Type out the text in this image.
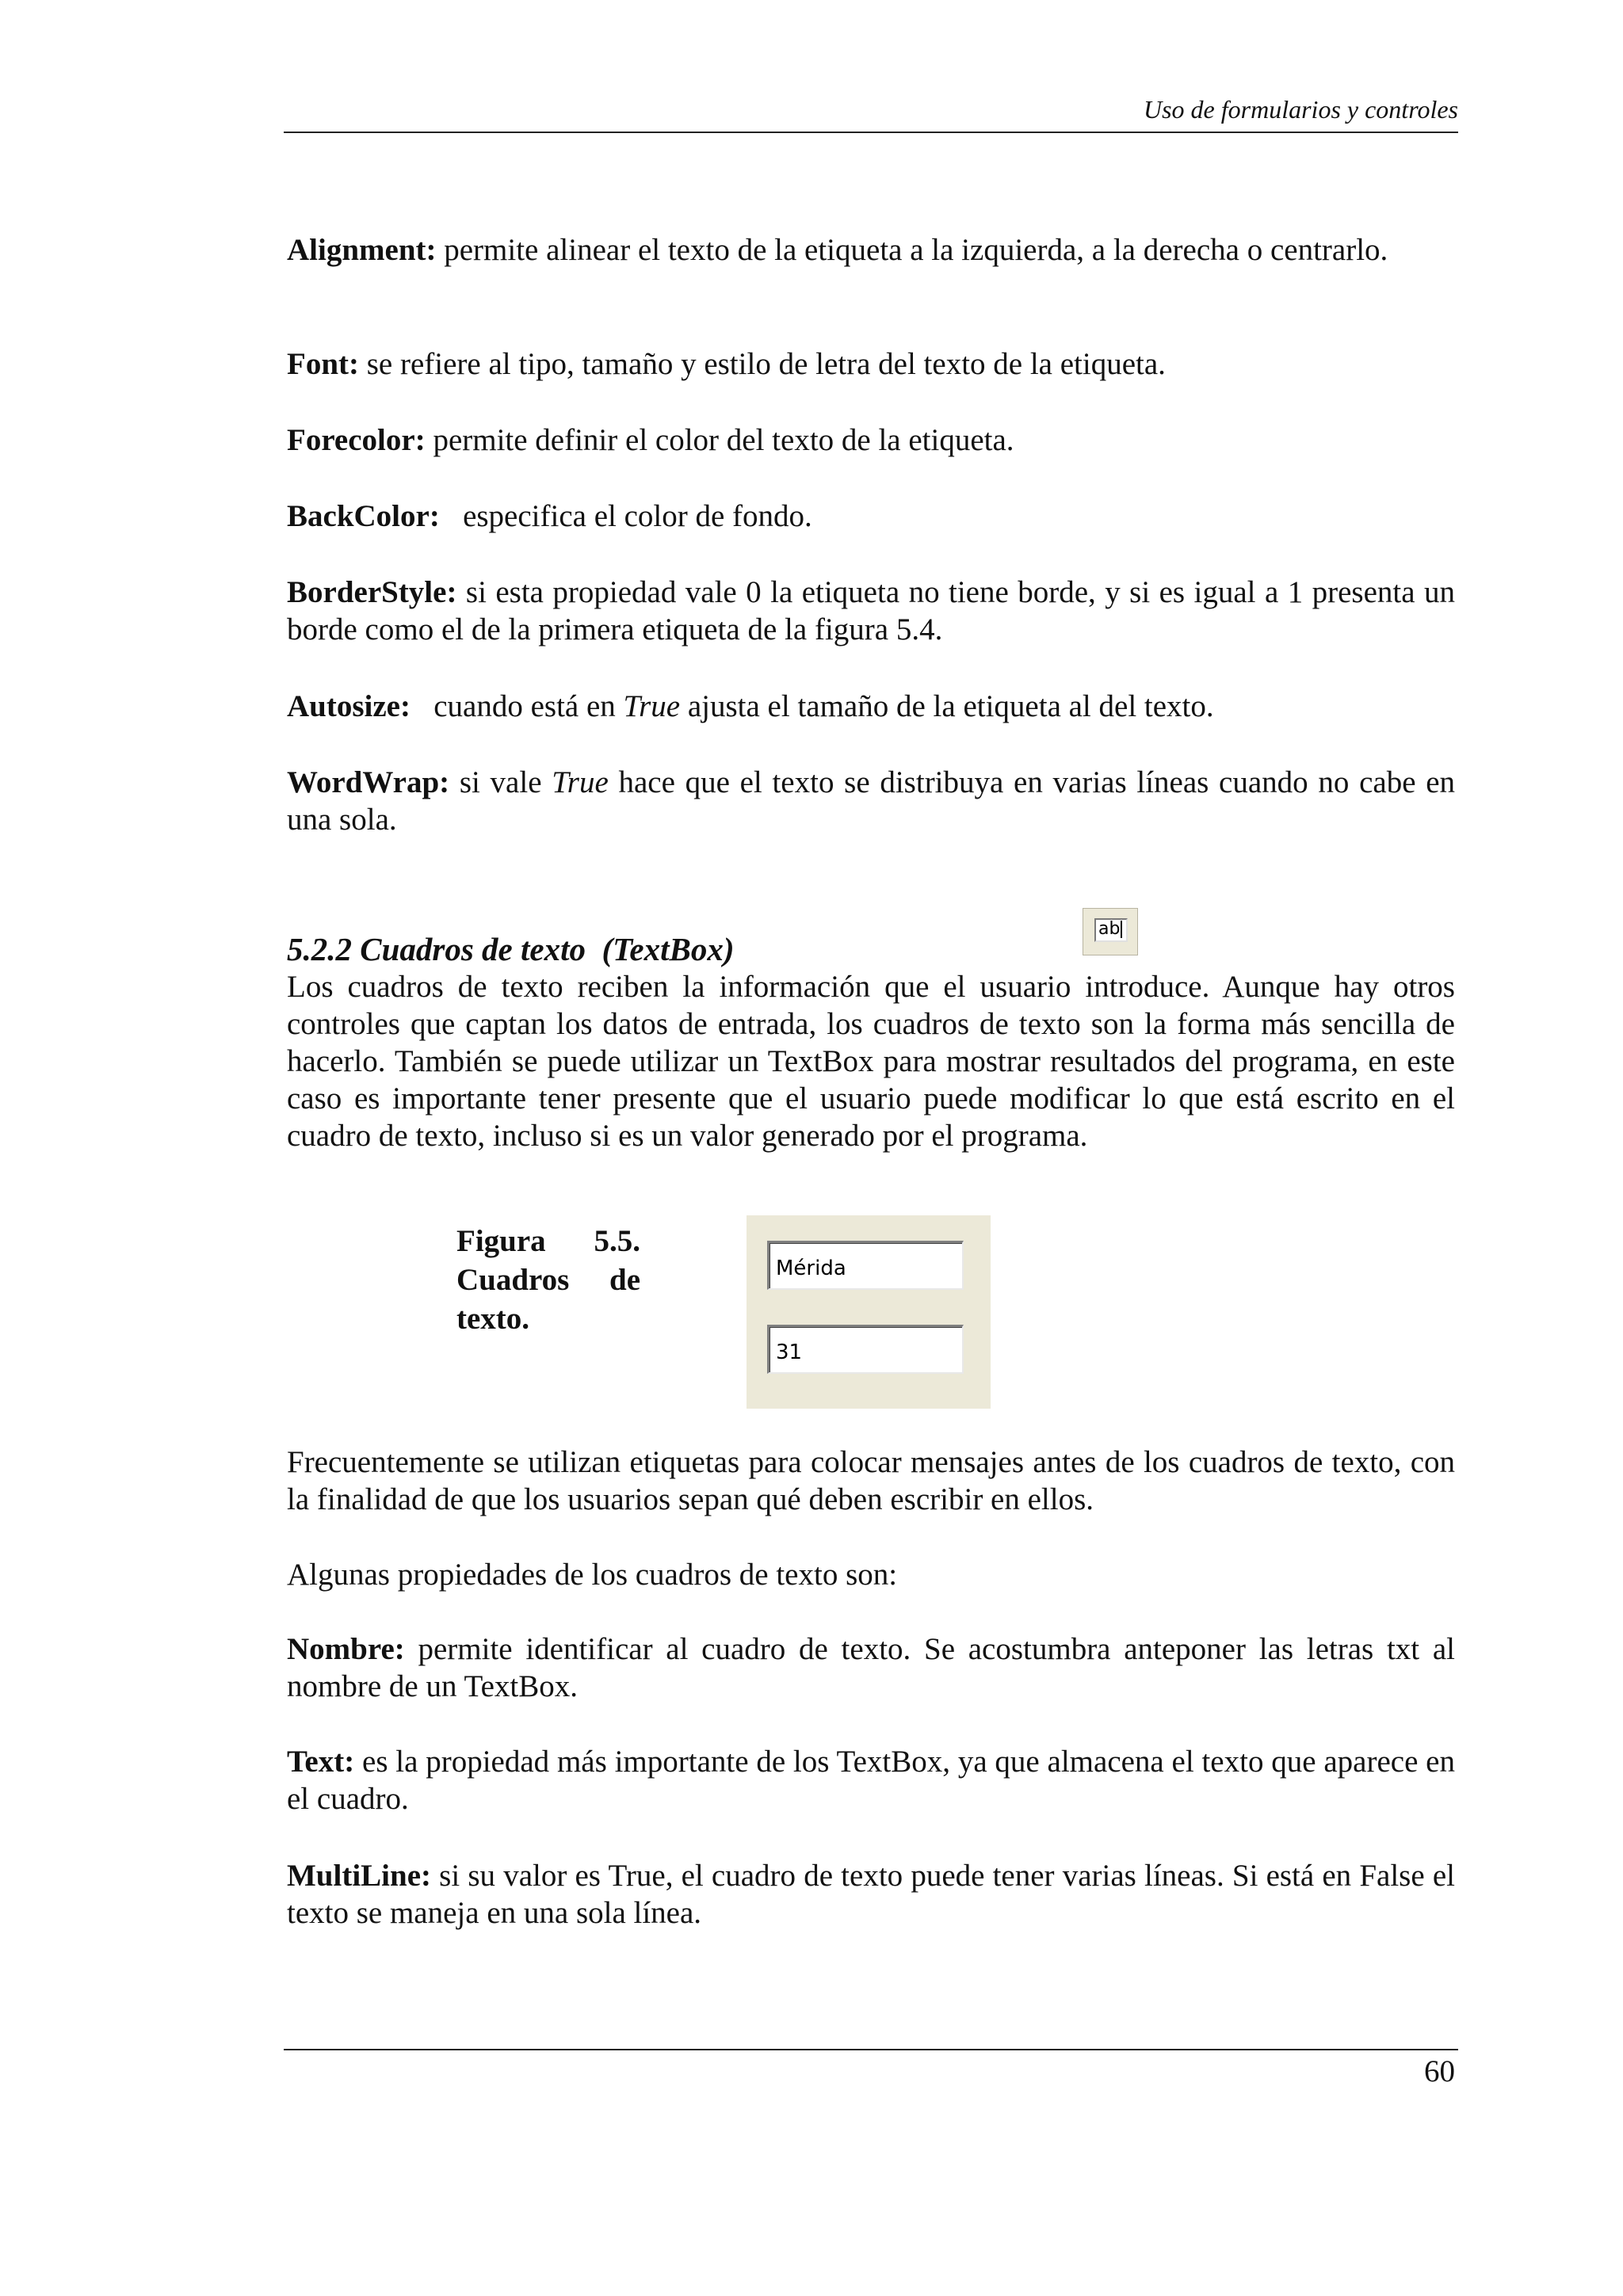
Uso de formularios y controles

Alignment: permite alinear el texto de la etiqueta a la izquierda, a la derecha o centrarlo.

Font: se refiere al tipo, tamaño y estilo de letra del texto de la etiqueta.

Forecolor: permite definir el color del texto de la etiqueta.

BackColor:   especifica el color de fondo.

BorderStyle: si esta propiedad vale 0 la etiqueta no tiene borde, y si es igual a 1 presenta un borde como el de la primera etiqueta de la figura 5.4.

Autosize:   cuando está en True ajusta el tamaño de la etiqueta al del texto.

WordWrap: si vale True hace que el texto se distribuya en varias líneas cuando no cabe en una sola.

5.2.2 Cuadros de texto  (TextBox)
ab

Los cuadros de texto reciben la información que el usuario introduce. Aunque hay otros controles que captan los datos de entrada, los cuadros de texto son la forma más sencilla de hacerlo. También se puede utilizar un TextBox para mostrar resultados del programa, en este caso es importante tener presente que el usuario puede modificar lo que está escrito en el cuadro de texto, incluso si es un valor generado por el programa.

Frecuentemente se utilizan etiquetas para colocar mensajes antes de los cuadros de texto, con la finalidad de que los usuarios sepan qué deben escribir en ellos.

Algunas propiedades de los cuadros de texto son:

Nombre: permite identificar al cuadro de texto. Se acostumbra anteponer las letras txt al nombre de un TextBox.

Text: es la propiedad más importante de los TextBox, ya que almacena el texto que aparece en el cuadro.

MultiLine: si su valor es True, el cuadro de texto puede tener varias líneas. Si está en False el texto se maneja en una sola línea.

Figura   5.5.
Cuadros  de
texto.

Mérida
31
60
